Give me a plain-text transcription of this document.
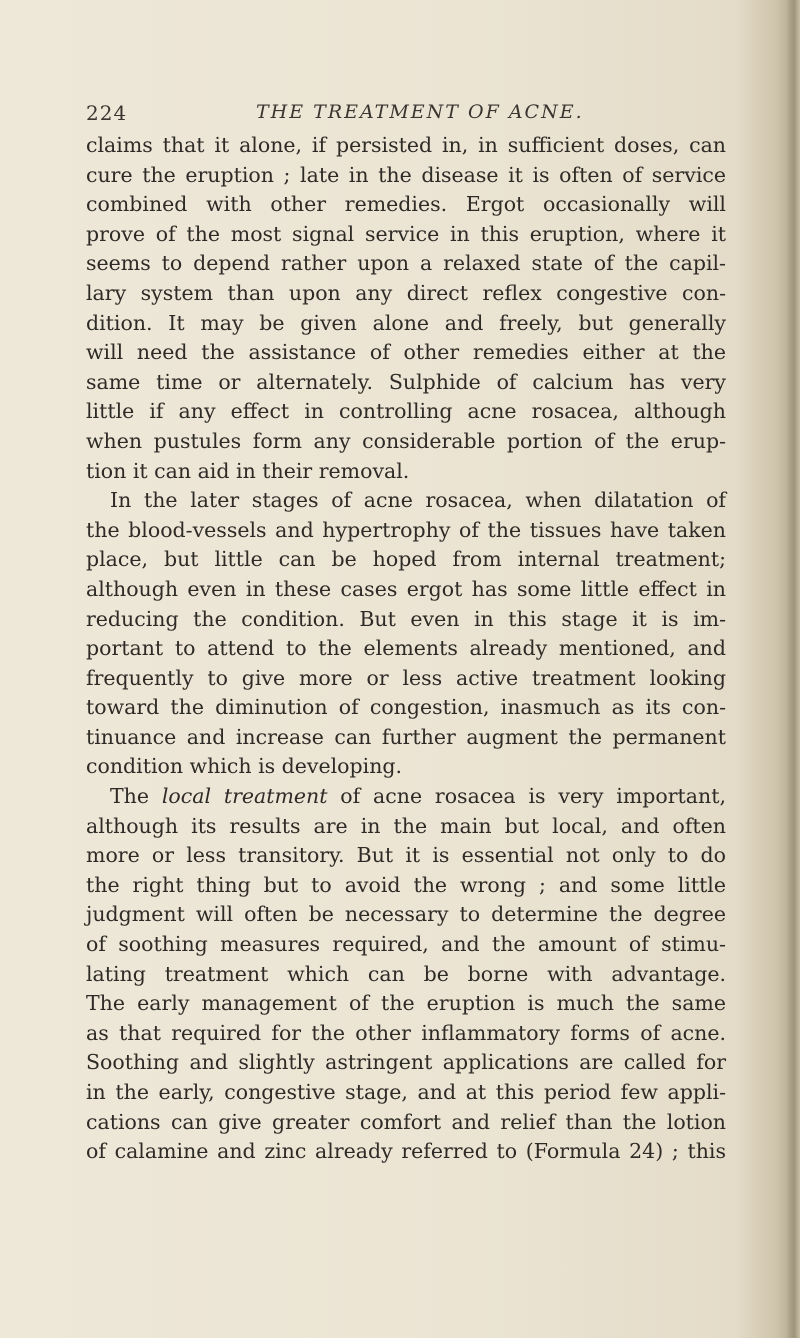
224	THE TREATMENT OF ACNE.
claims that it alone, if persisted in, in sufficient doses, can
cure the eruption ; late in the disease it is often of service
combined with other remedies. Ergot occasionally will
prove of the most signal service in this eruption, where it
seems to depend rather upon a relaxed state of the capil-
lary system than upon any direct reflex congestive con-
dition. It may be given alone and freely, but generally
will need the assistance of other remedies either at the
same time or alternately. Sulphide of calcium has very
little if any effect in controlling acne rosacea, although
when pustules form any considerable portion of the erup-
tion it can aid in their removal.
In the later stages of acne rosacea, when dilatation of
the blood-vessels and hypertrophy of the tissues have taken
place, but little can be hoped from internal treatment;
although even in these cases ergot has some little effect in
reducing the condition. But even in this stage it is im-
portant to attend to the elements already mentioned, and
frequently to give more or less active treatment looking
toward the diminution of congestion, inasmuch as its con-
tinuance and increase can further augment the permanent
condition which is developing.
The local treatment of acne rosacea is very important,
although its results are in the main but local, and often
more or less transitory. But it is essential not only to do
the right thing but to avoid the wrong ; and some little
judgment will often be necessary to determine the degree
of soothing measures required, and the amount of stimu-
lating treatment which can be borne with advantage.
The early management of the eruption is much the same
as that required for the other inflammatory forms of acne.
Soothing and slightly astringent applications are called for
in the early, congestive stage, and at this period few appli-
cations can give greater comfort and relief than the lotion
of calamine and zinc already referred to (Formula 24) ; this
